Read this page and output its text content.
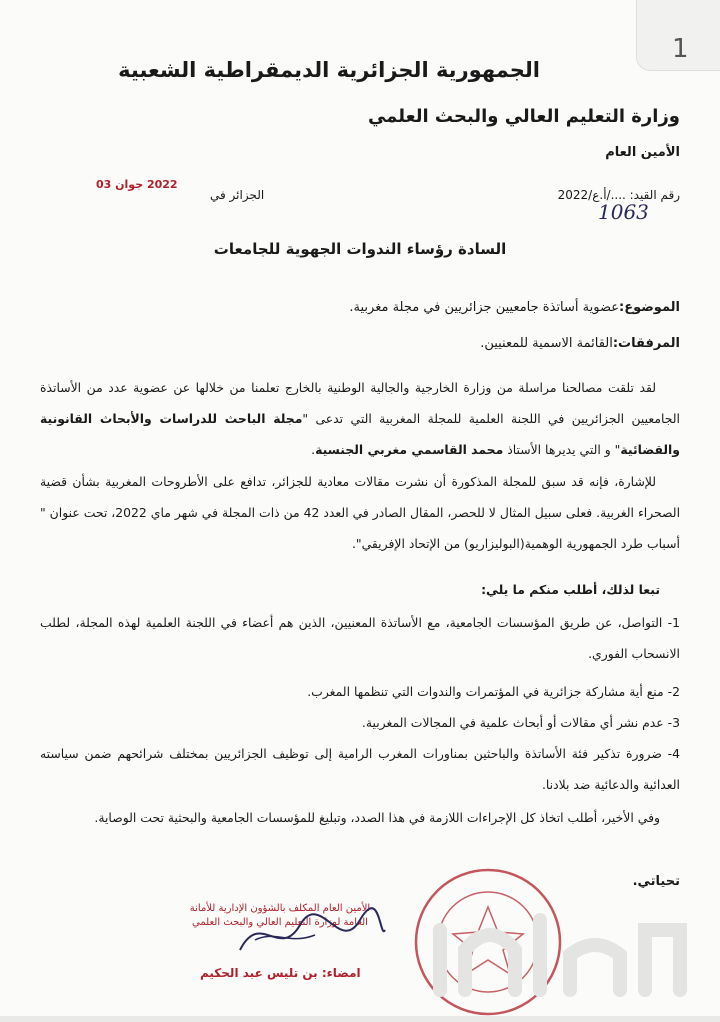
1
الجمهورية الجزائرية الديمقراطية الشعبية
وزارة التعليم العالي والبحث العلمي
الأمين العام
رقم القيد: ..../أ.ع/2022
1063
الجزائر في
2022 جوان 03
السادة رؤساء الندوات الجهوية للجامعات
الموضوع:عضوية أساتذة جامعيين جزائريين في مجلة مغربية.
المرفقات:القائمة الاسمية للمعنيين.
لقد تلقت مصالحنا مراسلة من وزارة الخارجية والجالية الوطنية بالخارج تعلمنا من خلالها عن عضوية عدد من الأساتذة الجامعيين الجزائريين في اللجنة العلمية للمجلة المغربية التي تدعى "مجلة الباحث للدراسات والأبحاث القانونية والقضائية" و التي يديرها الأستاذ محمد القاسمي مغربي الجنسية.
للإشارة، فإنه قد سبق للمجلة المذكورة أن نشرت مقالات معادية للجزائر، تدافع على الأطروحات المغربية بشأن قضية الصحراء الغربية. فعلى سبيل المثال لا للحصر، المقال الصادر في العدد 42 من ذات المجلة في شهر ماي 2022، تحت عنوان " أسباب طرد الجمهورية الوهمية(البوليزاريو) من الإتحاد الإفريقي".
تبعا لذلك، أطلب منكم ما يلي:
1- التواصل، عن طريق المؤسسات الجامعية، مع الأساتذة المعنيين، الذين هم أعضاء في اللجنة العلمية لهذه المجلة، لطلب الانسحاب الفوري.
2- منع أية مشاركة جزائرية في المؤتمرات والندوات التي تنظمها المغرب.
3- عدم نشر أي مقالات أو أبحاث علمية في المجالات المغربية.
4- ضرورة تذكير فئة الأساتذة والباحثين بمناورات المغرب الرامية إلى توظيف الجزائريين بمختلف شرائحهم ضمن سياسته العدائية والدعائية ضد بلادنا.
وفي الأخير، أطلب اتخاذ كل الإجراءات اللازمة في هذا الصدد، وتبليغ للمؤسسات الجامعية والبحثية تحت الوصاية.
تحياتي.
الأمين العام المكلف بالشؤون الإدارية للأمانة العامة لوزارة التعليم العالي والبحث العلمي
امضاء: بن تليس عبد الحكيم
